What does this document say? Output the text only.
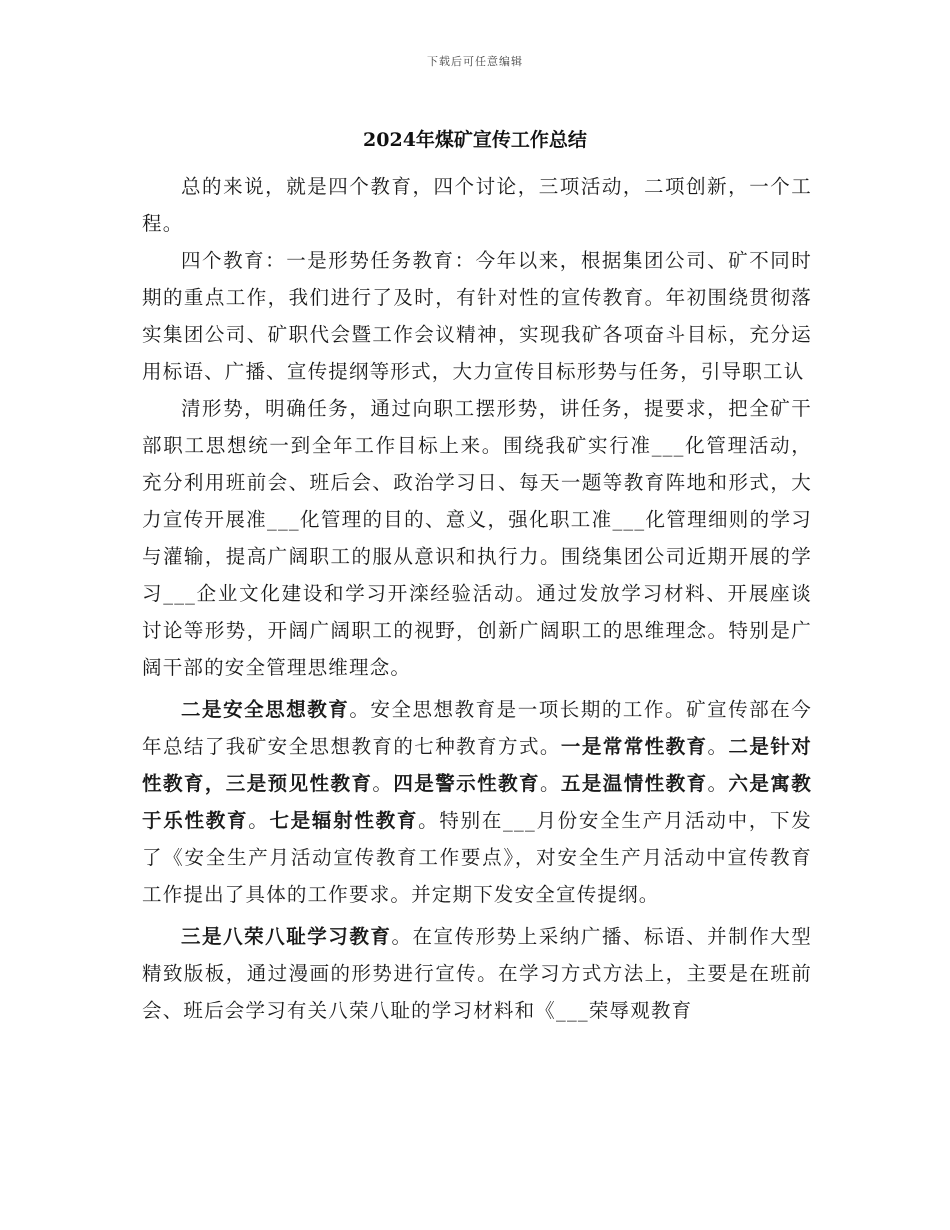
下载后可任意编辑
2024年煤矿宣传工作总结

总的来说，就是四个教育，四个讨论，三项活动，二项创新，一个工程。

四个教育：一是形势任务教育：今年以来，根据集团公司、矿不同时期的重点工作，我们进行了及时，有针对性的宣传教育。年初围绕贯彻落实集团公司、矿职代会暨工作会议精神，实现我矿各项奋斗目标，充分运用标语、广播、宣传提纲等形式，大力宣传目标形势与任务，引导职工认

清形势，明确任务，通过向职工摆形势，讲任务，提要求，把全矿干部职工思想统一到全年工作目标上来。围绕我矿实行准___化管理活动，充分利用班前会、班后会、政治学习日、每天一题等教育阵地和形式，大力宣传开展准___化管理的目的、意义，强化职工准___化管理细则的学习与灌输，提高广阔职工的服从意识和执行力。围绕集团公司近期开展的学习___企业文化建设和学习开滦经验活动。通过发放学习材料、开展座谈讨论等形势，开阔广阔职工的视野，创新广阔职工的思维理念。特别是广阔干部的安全管理思维理念。

二是安全思想教育。安全思想教育是一项长期的工作。矿宣传部在今年总结了我矿安全思想教育的七种教育方式。一是常常性教育。二是针对性教育，三是预见性教育。四是警示性教育。五是温情性教育。六是寓教于乐性教育。七是辐射性教育。特别在___月份安全生产月活动中，下发了《安全生产月活动宣传教育工作要点》，对安全生产月活动中宣传教育工作提出了具体的工作要求。并定期下发安全宣传提纲。

三是八荣八耻学习教育。在宣传形势上采纳广播、标语、并制作大型精致版板，通过漫画的形势进行宣传。在学习方式方法上，主要是在班前会、班后会学习有关八荣八耻的学习材料和《___荣辱观教育
